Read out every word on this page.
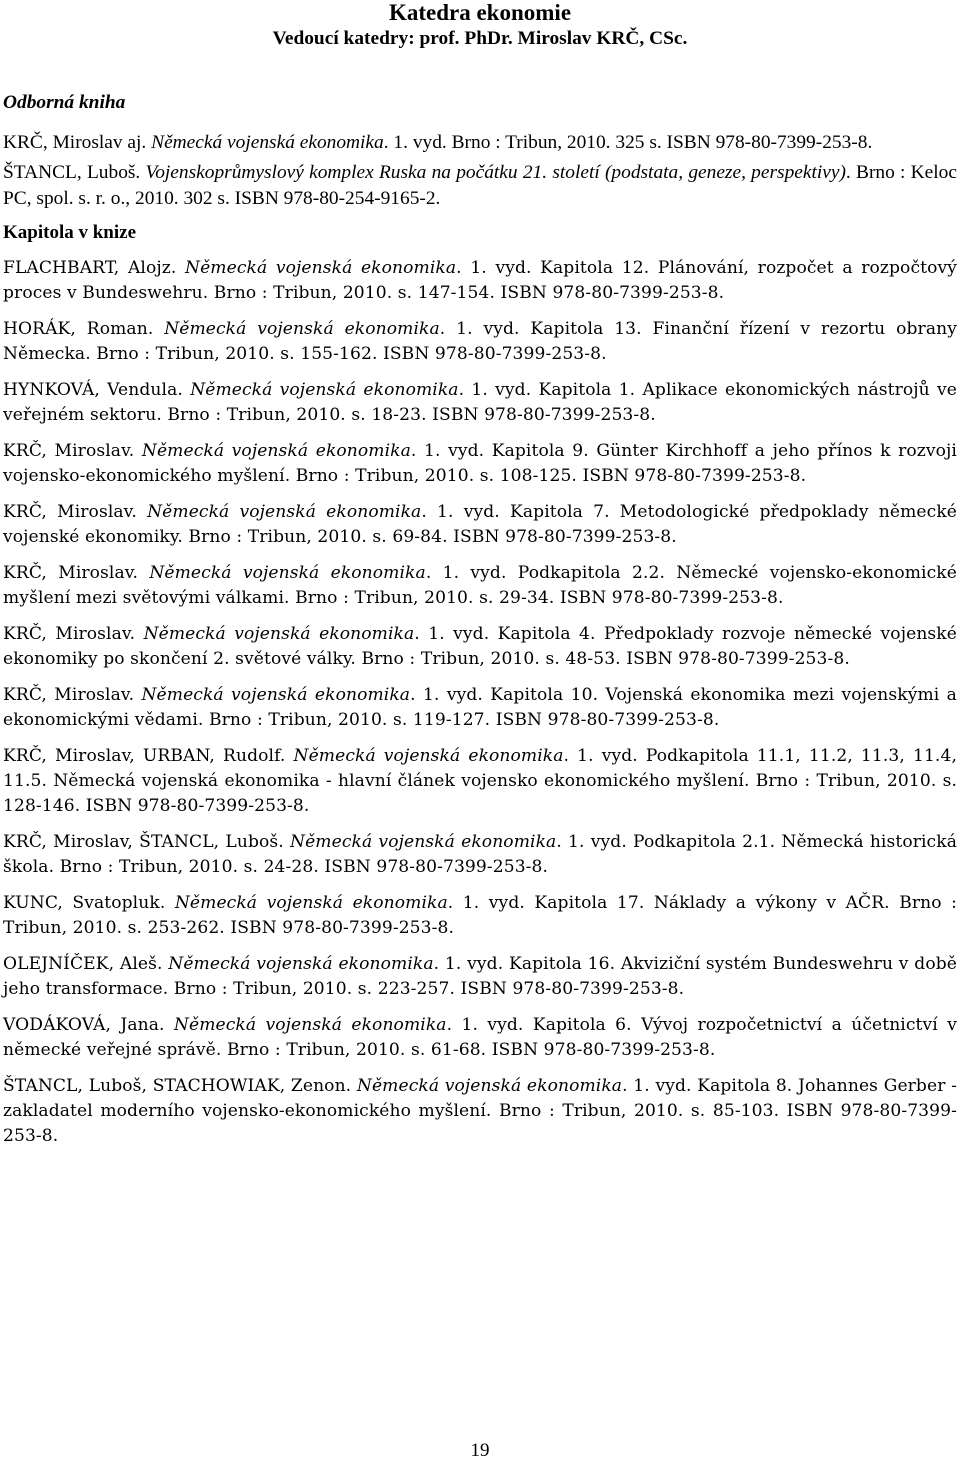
Katedra ekonomie
Vedoucí katedry: prof. PhDr. Miroslav KRČ, CSc.
Odborná kniha

KRČ, Miroslav aj. Německá vojenská ekonomika. 1. vyd. Brno : Tribun, 2010. 325 s. ISBN 978-80-7399-253-8.

ŠTANCL, Luboš. Vojenskoprůmyslový komplex Ruska na počátku 21. století (podstata, geneze, perspektivy). Brno : Keloc PC, spol. s. r. o., 2010. 302 s. ISBN 978-80-254-9165-2.

Kapitola v knize

FLACHBART, Alojz. Německá vojenská ekonomika. 1. vyd. Kapitola 12. Plánování, rozpočet a rozpočtový proces v Bundeswehru. Brno : Tribun, 2010. s. 147-154. ISBN 978-80-7399-253-8.

HORÁK, Roman. Německá vojenská ekonomika. 1. vyd. Kapitola 13. Finanční řízení v rezortu obrany Německa. Brno : Tribun, 2010. s. 155-162. ISBN 978-80-7399-253-8.

HYNKOVÁ, Vendula. Německá vojenská ekonomika. 1. vyd. Kapitola 1. Aplikace ekonomických nástrojů ve veřejném sektoru. Brno : Tribun, 2010. s. 18-23. ISBN 978-80-7399-253-8.

KRČ, Miroslav. Německá vojenská ekonomika. 1. vyd. Kapitola 9. Günter Kirchhoff a jeho přínos k rozvoji vojensko-ekonomického myšlení. Brno : Tribun, 2010. s. 108-125. ISBN 978-80-7399-253-8.

KRČ, Miroslav. Německá vojenská ekonomika. 1. vyd. Kapitola 7. Metodologické předpoklady německé vojenské ekonomiky. Brno : Tribun, 2010. s. 69-84. ISBN 978-80-7399-253-8.

KRČ, Miroslav. Německá vojenská ekonomika. 1. vyd. Podkapitola 2.2. Německé vojensko-ekonomické myšlení mezi světovými válkami. Brno : Tribun, 2010. s. 29-34. ISBN 978-80-7399-253-8.

KRČ, Miroslav. Německá vojenská ekonomika. 1. vyd. Kapitola 4. Předpoklady rozvoje německé vojenské ekonomiky po skončení 2. světové války. Brno : Tribun, 2010. s. 48-53. ISBN 978-80-7399-253-8.

KRČ, Miroslav. Německá vojenská ekonomika. 1. vyd. Kapitola 10. Vojenská ekonomika mezi vojenskými a ekonomickými vědami. Brno : Tribun, 2010. s. 119-127. ISBN 978-80-7399-253-8.

KRČ, Miroslav, URBAN, Rudolf. Německá vojenská ekonomika. 1. vyd. Podkapitola 11.1, 11.2, 11.3, 11.4, 11.5. Německá vojenská ekonomika - hlavní článek vojensko ekonomického myšlení. Brno : Tribun, 2010. s. 128-146. ISBN 978-80-7399-253-8.

KRČ, Miroslav, ŠTANCL, Luboš. Německá vojenská ekonomika. 1. vyd. Podkapitola 2.1. Německá historická škola. Brno : Tribun, 2010. s. 24-28. ISBN 978-80-7399-253-8.

KUNC, Svatopluk. Německá vojenská ekonomika. 1. vyd. Kapitola 17. Náklady a výkony v AČR. Brno : Tribun, 2010. s. 253-262. ISBN 978-80-7399-253-8.

OLEJNÍČEK, Aleš. Německá vojenská ekonomika. 1. vyd. Kapitola 16. Akviziční systém Bundeswehru v době jeho transformace. Brno : Tribun, 2010. s. 223-257. ISBN 978-80-7399-253-8.

VODÁKOVÁ, Jana. Německá vojenská ekonomika. 1. vyd. Kapitola 6. Vývoj rozpočetnictví a účetnictví v německé veřejné správě. Brno : Tribun, 2010. s. 61-68. ISBN 978-80-7399-253-8.

ŠTANCL, Luboš, STACHOWIAK, Zenon. Německá vojenská ekonomika. 1. vyd. Kapitola 8. Johannes Gerber - zakladatel moderního vojensko-ekonomického myšlení. Brno : Tribun, 2010. s. 85-103. ISBN 978-80-7399-253-8.

19
